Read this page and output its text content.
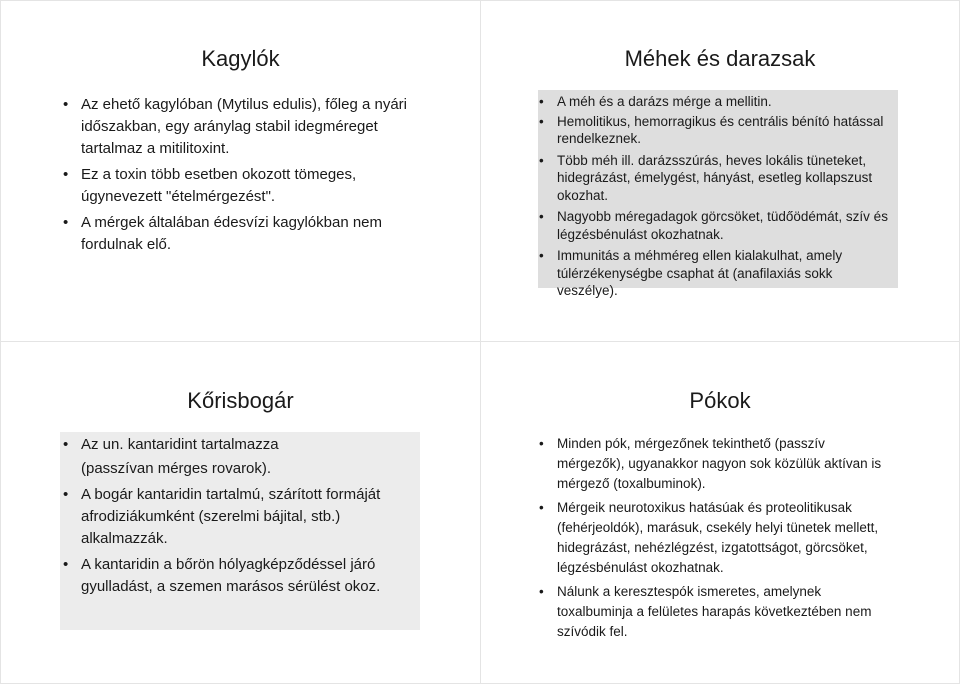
Kagylók
• Az ehető kagylóban (Mytilus edulis), főleg a nyári időszakban, egy aránylag stabil idegméreget tartalmaz a mitilitoxint.
• Ez a toxin több esetben okozott tömeges, úgynevezett "ételmérgezést".
• A mérgek általában édesvízi kagylókban nem fordulnak elő.
Méhek és darazsak
• A méh és a darázs mérge a mellitin.
• Hemolitikus, hemorragikus és centrális bénító hatással rendelkeznek.
• Több méh ill. darázsszúrás, heves lokális tüneteket, hidegrázást, émelygést, hányást, esetleg kollapszust okozhat.
• Nagyobb méregadagok görcsöket, tüdőödémát, szív és légzésbénulást okozhatnak.
• Immunitás a méhméreg ellen kialakulhat, amely túlérzékenységbe csaphat át (anafilaxiás sokk veszélye).
Kőrisbogár
• Az un. kantaridint tartalmazza
(passzívan mérges rovarok).
• A bogár kantaridin tartalmú, szárított formáját afrodiziákumként (szerelmi bájital, stb.) alkalmazzák.
• A kantaridin a bőrön hólyagképződéssel járó gyulladást, a szemen marásos sérülést okoz.
Pókok
• Minden pók, mérgezőnek tekinthető (passzív mérgezők), ugyanakkor nagyon sok közülük aktívan is mérgező (toxalbuminok).
• Mérgeik neurotoxikus hatásúak és proteolitikusak (fehérjeoldók), marásuk, csekély helyi tünetek mellett, hidegrázást, nehézlégzést, izgatottságot, görcsöket, légzésbénulást okozhatnak.
• Nálunk a keresztespók ismeretes, amelynek toxalbuminja a felületes harapás következtében nem szívódik fel.
